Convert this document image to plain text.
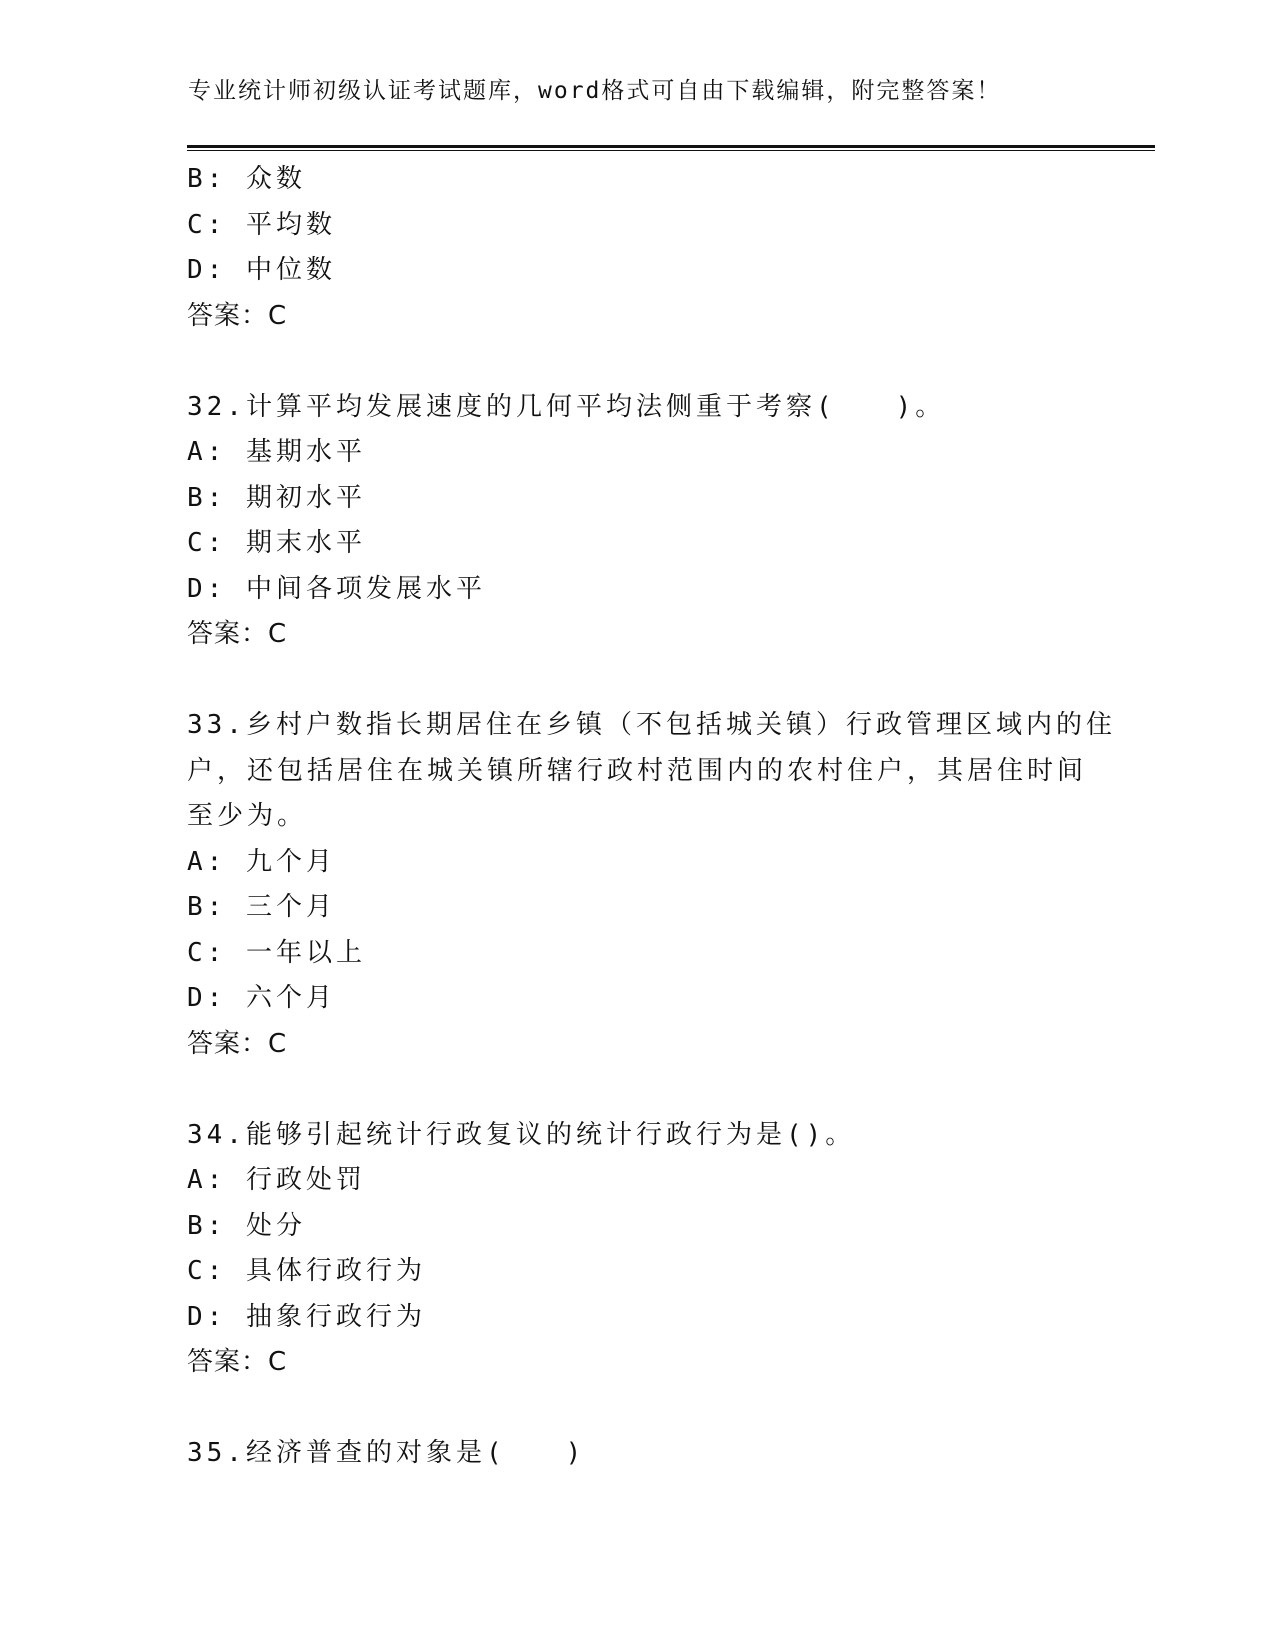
专业统计师初级认证考试题库，word格式可自由下载编辑，附完整答案！
B: 众数
C: 平均数
D: 中位数
答案：C
32.计算平均发展速度的几何平均法侧重于考察(　　)。
A: 基期水平
B: 期初水平
C: 期末水平
D: 中间各项发展水平
答案：C
33.乡村户数指长期居住在乡镇（不包括城关镇）行政管理区域内的住
户，还包括居住在城关镇所辖行政村范围内的农村住户，其居住时间
至少为。
A: 九个月
B: 三个月
C: 一年以上
D: 六个月
答案：C
34.能够引起统计行政复议的统计行政行为是()。
A: 行政处罚
B: 处分
C: 具体行政行为
D: 抽象行政行为
答案：C
35.经济普查的对象是(　　)
